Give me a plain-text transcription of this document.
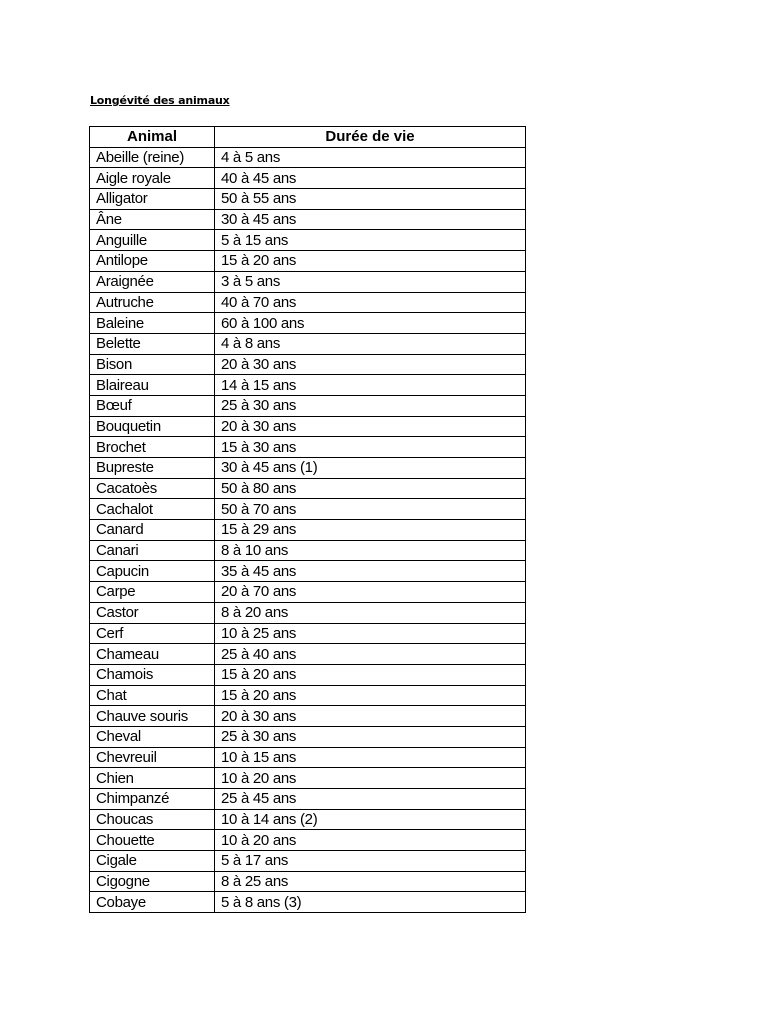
Longévité des animaux
Animal	Durée de vie
Abeille (reine)	4 à 5 ans
Aigle royale	40 à 45 ans
Alligator	50 à 55 ans
Âne	30 à 45 ans
Anguille	5 à 15 ans
Antilope	15 à 20 ans
Araignée	3 à 5 ans
Autruche	40 à 70 ans
Baleine	60 à 100 ans
Belette	4 à 8 ans
Bison	20 à 30 ans
Blaireau	14 à 15 ans
Bœuf	25 à 30 ans
Bouquetin	20 à 30 ans
Brochet	15 à 30 ans
Bupreste	30 à 45 ans (1)
Cacatoès	50 à 80 ans
Cachalot	50 à 70 ans
Canard	15 à 29 ans
Canari	8 à 10 ans
Capucin	35 à 45 ans
Carpe	20 à 70 ans
Castor	8 à 20 ans
Cerf	10 à 25 ans
Chameau	25 à 40 ans
Chamois	15 à 20 ans
Chat	15 à 20 ans
Chauve souris	20 à 30 ans
Cheval	25 à 30 ans
Chevreuil	10 à 15 ans
Chien	10 à 20 ans
Chimpanzé	25 à 45 ans
Choucas	10 à 14 ans (2)
Chouette	10 à 20 ans
Cigale	5 à 17 ans
Cigogne	8 à 25 ans
Cobaye	5 à 8 ans (3)
